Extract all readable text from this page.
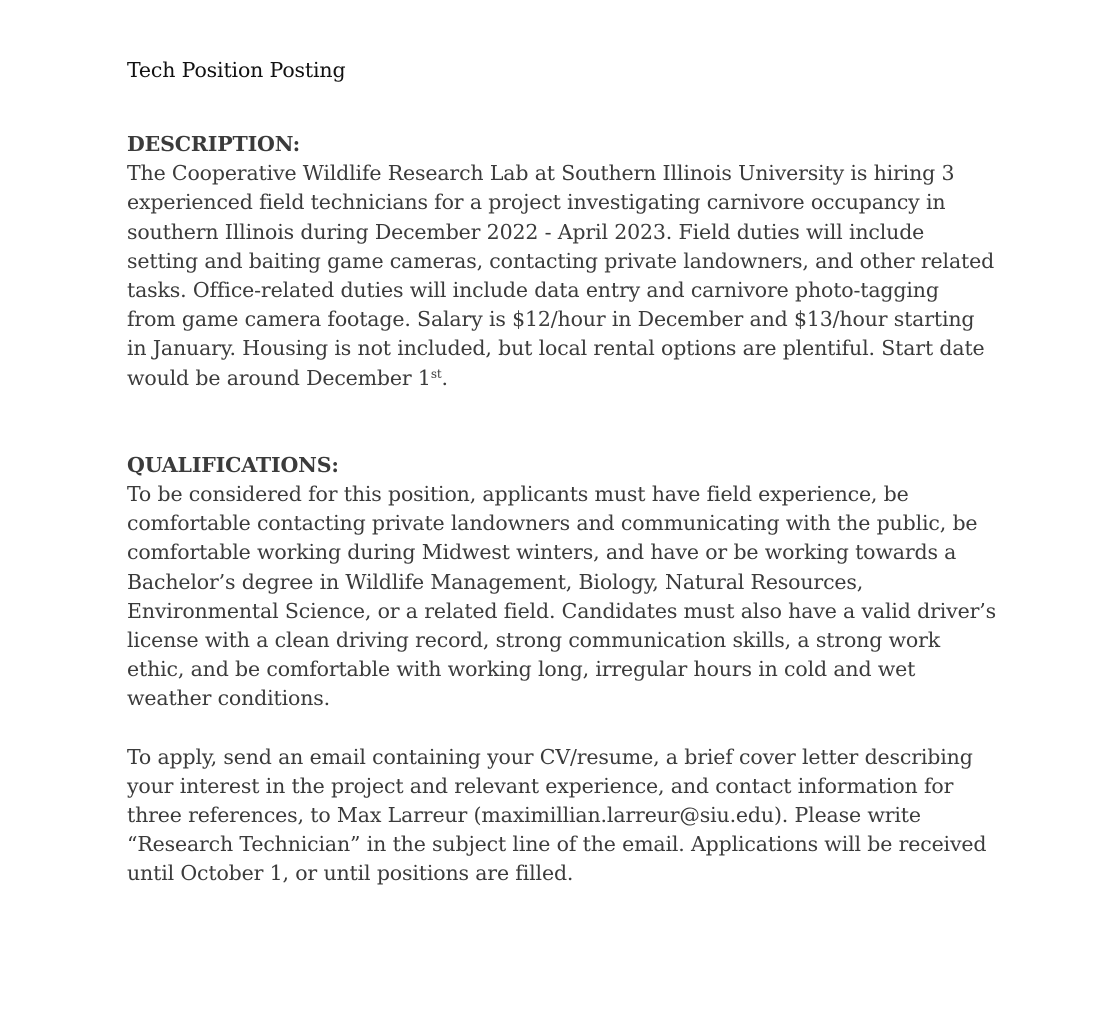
Tech Position Posting
DESCRIPTION:
The Cooperative Wildlife Research Lab at Southern Illinois University is hiring 3
experienced field technicians for a project investigating carnivore occupancy in
southern Illinois during December 2022 - April 2023. Field duties will include
setting and baiting game cameras, contacting private landowners, and other related
tasks. Office-related duties will include data entry and carnivore photo-tagging
from game camera footage. Salary is $12/hour in December and $13/hour starting
in January. Housing is not included, but local rental options are plentiful. Start date
would be around December 1st.
QUALIFICATIONS:
To be considered for this position, applicants must have field experience, be
comfortable contacting private landowners and communicating with the public, be
comfortable working during Midwest winters, and have or be working towards a
Bachelor’s degree in Wildlife Management, Biology, Natural Resources,
Environmental Science, or a related field. Candidates must also have a valid driver’s
license with a clean driving record, strong communication skills, a strong work
ethic, and be comfortable with working long, irregular hours in cold and wet
weather conditions.
To apply, send an email containing your CV/resume, a brief cover letter describing
your interest in the project and relevant experience, and contact information for
three references, to Max Larreur (maximillian.larreur@siu.edu). Please write
“Research Technician” in the subject line of the email. Applications will be received
until October 1, or until positions are filled.
